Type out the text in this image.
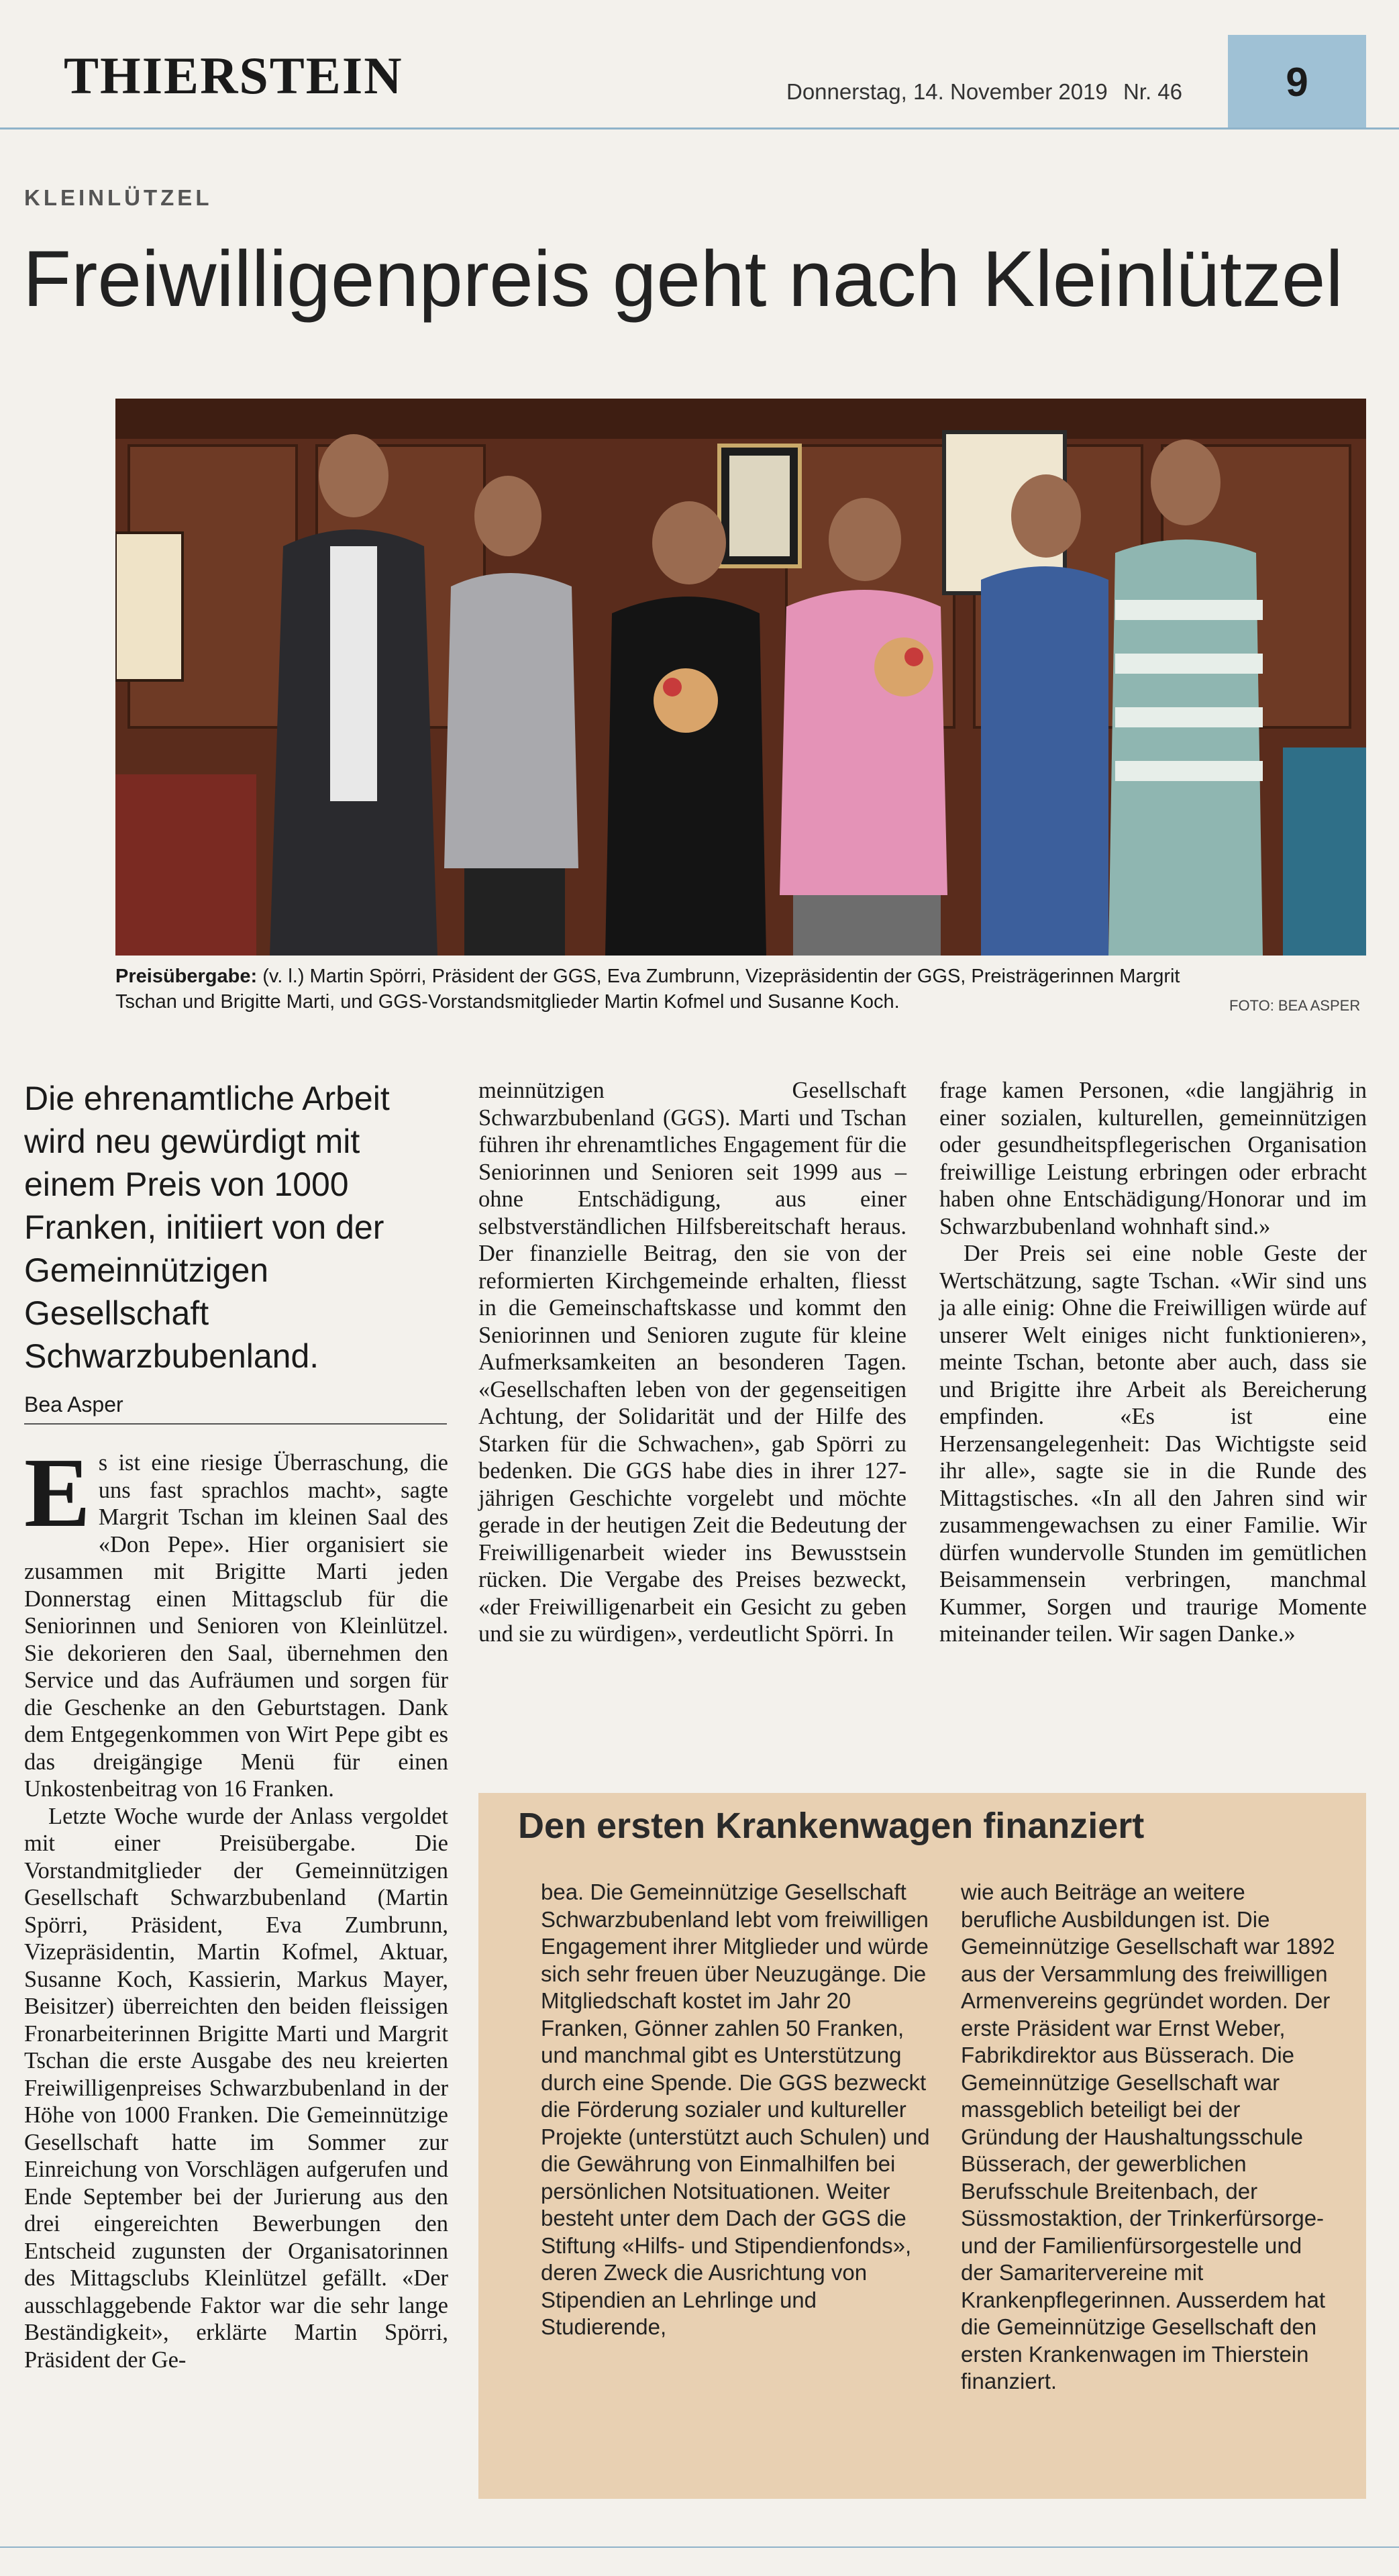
THIERSTEIN	Donnerstag, 14. November 2019 Nr. 46	9
KLEINLÜTZEL
Freiwilligenpreis geht nach Kleinlützel
Preisübergabe: (v. l.) Martin Spörri, Präsident der GGS, Eva Zumbrunn, Vizepräsidentin der GGS, Preisträgerinnen Margrit Tschan und Brigitte Marti, und GGS-Vorstandsmitglieder Martin Kofmel und Susanne Koch.	FOTO: BEA ASPER
Die ehrenamtliche Arbeit wird neu gewürdigt mit einem Preis von 1000 Franken, initiiert von der Gemeinnützigen Gesellschaft Schwarzbubenland.
Bea Asper

Es ist eine riesige Überraschung, die uns fast sprachlos macht», sagte Margrit Tschan im kleinen Saal des «Don Pepe». Hier organisiert sie zusammen mit Brigitte Marti jeden Donnerstag einen Mittagsclub für die Seniorinnen und Senioren von Kleinlützel. Sie dekorieren den Saal, übernehmen den Service und das Aufräumen und sorgen für die Geschenke an den Geburtstagen. Dank dem Entgegenkommen von Wirt Pepe gibt es das dreigängige Menü für einen Unkostenbeitrag von 16 Franken.

Letzte Woche wurde der Anlass vergoldet mit einer Preisübergabe. Die Vorstandmitglieder der Gemeinnützigen Gesellschaft Schwarzbubenland (Martin Spörri, Präsident, Eva Zumbrunn, Vizepräsidentin, Martin Kofmel, Aktuar, Susanne Koch, Kassierin, Markus Mayer, Beisitzer) überreichten den beiden fleissigen Fronarbeiterinnen Brigitte Marti und Margrit Tschan die erste Ausgabe des neu kreierten Freiwilligenpreises Schwarzbubenland in der Höhe von 1000 Franken. Die Gemeinnützige Gesellschaft hatte im Sommer zur Einreichung von Vorschlägen aufgerufen und Ende September bei der Jurierung aus den drei eingereichten Bewerbungen den Entscheid zugunsten der Organisatorinnen des Mittagsclubs Kleinlützel gefällt. «Der ausschlaggebende Faktor war die sehr lange Beständigkeit», erklärte Martin Spörri, Präsident der Ge-

meinnützigen Gesellschaft Schwarzbubenland (GGS). Marti und Tschan führen ihr ehrenamtliches Engagement für die Seniorinnen und Senioren seit 1999 aus – ohne Entschädigung, aus einer selbstverständlichen Hilfsbereitschaft heraus. Der finanzielle Beitrag, den sie von der reformierten Kirchgemeinde erhalten, fliesst in die Gemeinschaftskasse und kommt den Seniorinnen und Senioren zugute für kleine Aufmerksamkeiten an besonderen Tagen. «Gesellschaften leben von der gegenseitigen Achtung, der Solidarität und der Hilfe des Starken für die Schwachen», gab Spörri zu bedenken. Die GGS habe dies in ihrer 127-jährigen Geschichte vorgelebt und möchte gerade in der heutigen Zeit die Bedeutung der Freiwilligenarbeit wieder ins Bewusstsein rücken. Die Vergabe des Preises bezweckt, «der Freiwilligenarbeit ein Gesicht zu geben und sie zu würdigen», verdeutlicht Spörri. In

frage kamen Personen, «die langjährig in einer sozialen, kulturellen, gemeinnützigen oder gesundheitspflegerischen Organisation freiwillige Leistung erbringen oder erbracht haben ohne Entschädigung/Honorar und im Schwarzbubenland wohnhaft sind.»

Der Preis sei eine noble Geste der Wertschätzung, sagte Tschan. «Wir sind uns ja alle einig: Ohne die Freiwilligen würde auf unserer Welt einiges nicht funktionieren», meinte Tschan, betonte aber auch, dass sie und Brigitte ihre Arbeit als Bereicherung empfinden. «Es ist eine Herzensangelegenheit: Das Wichtigste seid ihr alle», sagte sie in die Runde des Mittagstisches. «In all den Jahren sind wir zusammengewachsen zu einer Familie. Wir dürfen wundervolle Stunden im gemütlichen Beisammensein verbringen, manchmal Kummer, Sorgen und traurige Momente miteinander teilen. Wir sagen Danke.»

Den ersten Krankenwagen finanziert
bea. Die Gemeinnützige Gesellschaft Schwarzbubenland lebt vom freiwilligen Engagement ihrer Mitglieder und würde sich sehr freuen über Neuzugänge. Die Mitgliedschaft kostet im Jahr 20 Franken, Gönner zahlen 50 Franken, und manchmal gibt es Unterstützung durch eine Spende. Die GGS bezweckt die Förderung sozialer und kultureller Projekte (unterstützt auch Schulen) und die Gewährung von Einmalhilfen bei persönlichen Notsituationen. Weiter besteht unter dem Dach der GGS die Stiftung «Hilfs- und Stipendienfonds», deren Zweck die Ausrichtung von Stipendien an Lehrlinge und Studierende,
wie auch Beiträge an weitere berufliche Ausbildungen ist. Die Gemeinnützige Gesellschaft war 1892 aus der Versammlung des freiwilligen Armenvereins gegründet worden. Der erste Präsident war Ernst Weber, Fabrikdirektor aus Büsserach. Die Gemeinnützige Gesellschaft war massgeblich beteiligt bei der Gründung der Haushaltungsschule Büsserach, der gewerblichen Berufsschule Breitenbach, der Süssmostaktion, der Trinkerfürsorge- und der Familienfürsorgestelle und der Samaritervereine mit Krankenpflegerinnen. Ausserdem hat die Gemeinnützige Gesellschaft den ersten Krankenwagen im Thierstein finanziert.
